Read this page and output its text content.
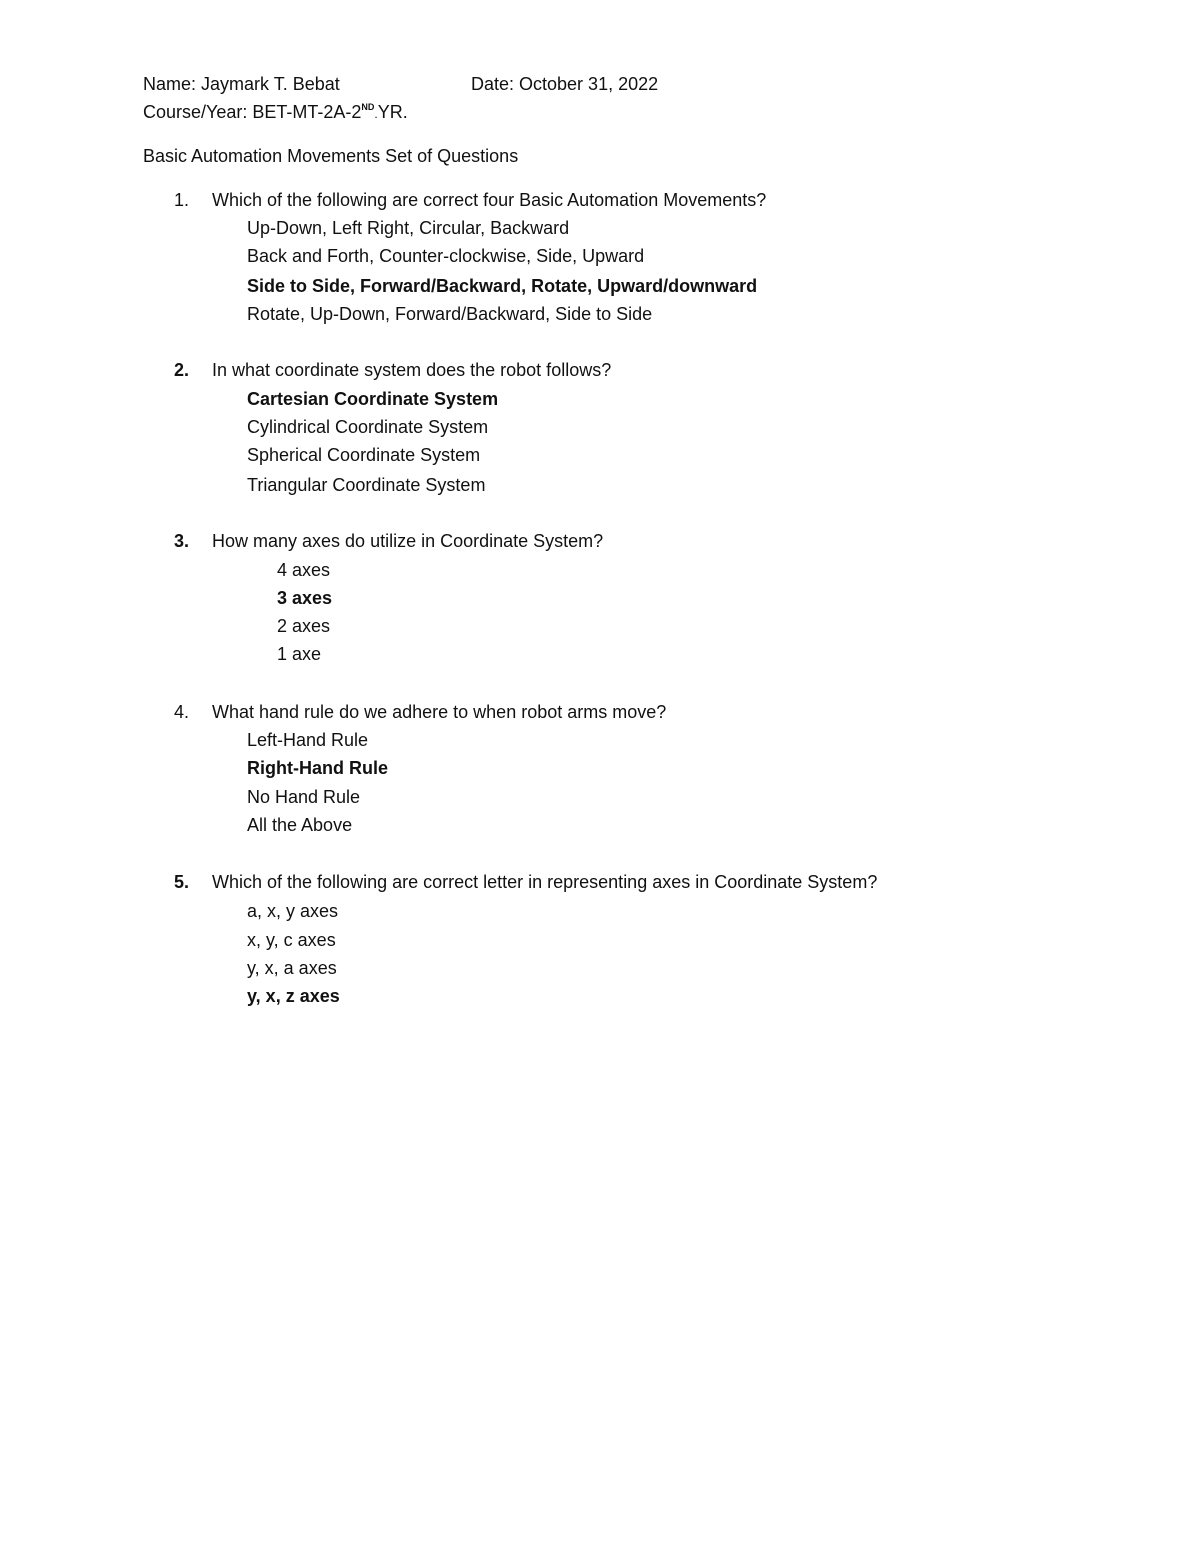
Name: Jaymark T. Bebat	Date: October 31, 2022
Course/Year: BET-MT-2A-2ND.YR.
Basic Automation Movements Set of Questions
1. Which of the following are correct four Basic Automation Movements?
Up-Down, Left Right, Circular, Backward
Back and Forth, Counter-clockwise, Side, Upward
Side to Side, Forward/Backward, Rotate, Upward/downward
Rotate, Up-Down, Forward/Backward, Side to Side
2. In what coordinate system does the robot follows?
Cartesian Coordinate System
Cylindrical Coordinate System
Spherical Coordinate System
Triangular Coordinate System
3. How many axes do utilize in Coordinate System?
4 axes
3 axes
2 axes
1 axe
4. What hand rule do we adhere to when robot arms move?
Left-Hand Rule
Right-Hand Rule
No Hand Rule
All the Above
5. Which of the following are correct letter in representing axes in Coordinate System?
a, x, y axes
x, y, c axes
y, x, a axes
y, x, z axes
